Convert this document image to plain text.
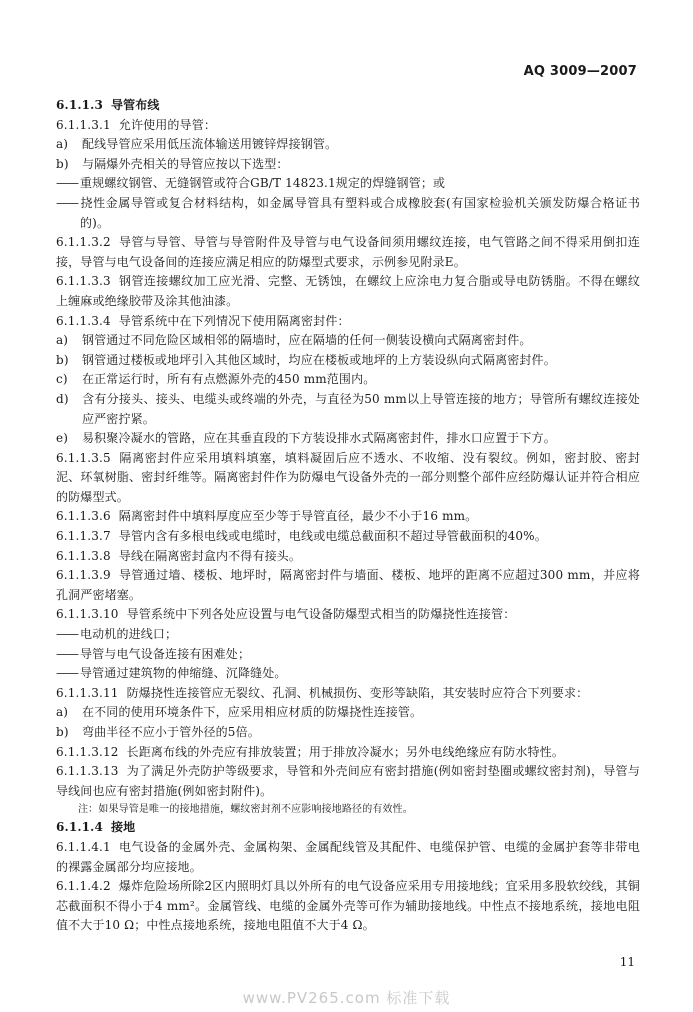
AQ 3009—2007

6.1.1.3 导管布线

6.1.1.3.1 允许使用的导管：

a) 配线导管应采用低压流体输送用镀锌焊接钢管。

b) 与隔爆外壳相关的导管应按以下选型：

—— 重规螺纹钢管、无缝钢管或符合GB/T 14823.1规定的焊缝钢管；或

—— 挠性金属导管或复合材料结构，如金属导管具有塑料或合成橡胶套(有国家检验机关颁发防爆合格证书的)。

6.1.1.3.2 导管与导管、导管与导管附件及导管与电气设备间须用螺纹连接，电气管路之间不得采用倒扣连接，导管与电气设备间的连接应满足相应的防爆型式要求，示例参见附录E。

6.1.1.3.3 钢管连接螺纹加工应光滑、完整、无锈蚀，在螺纹上应涂电力复合脂或导电防锈脂。不得在螺纹上缠麻或绝缘胶带及涂其他油漆。

6.1.1.3.4 导管系统中在下列情况下使用隔离密封件：

a) 钢管通过不同危险区域相邻的隔墙时，应在隔墙的任何一侧装设横向式隔离密封件。

b) 钢管通过楼板或地坪引入其他区域时，均应在楼板或地坪的上方装设纵向式隔离密封件。

c) 在正常运行时，所有有点燃源外壳的450 mm范围内。

d) 含有分接头、接头、电缆头或终端的外壳，与直径为50 mm以上导管连接的地方；导管所有螺纹连接处应严密拧紧。

e) 易积聚冷凝水的管路，应在其垂直段的下方装设排水式隔离密封件，排水口应置于下方。

6.1.1.3.5 隔离密封件应采用填料填塞，填料凝固后应不透水、不收缩、没有裂纹。例如，密封胶、密封泥、环氧树脂、密封纤维等。隔离密封件作为防爆电气设备外壳的一部分则整个部件应经防爆认证并符合相应的防爆型式。

6.1.1.3.6 隔离密封件中填料厚度应至少等于导管直径，最少不小于16 mm。

6.1.1.3.7 导管内含有多根电线或电缆时，电线或电缆总截面积不超过导管截面积的40%。

6.1.1.3.8 导线在隔离密封盒内不得有接头。

6.1.1.3.9 导管通过墙、楼板、地坪时，隔离密封件与墙面、楼板、地坪的距离不应超过300 mm，并应将孔洞严密堵塞。

6.1.1.3.10 导管系统中下列各处应设置与电气设备防爆型式相当的防爆挠性连接管：

—— 电动机的进线口；

—— 导管与电气设备连接有困难处；

—— 导管通过建筑物的伸缩缝、沉降缝处。

6.1.1.3.11 防爆挠性连接管应无裂纹、孔洞、机械损伤、变形等缺陷，其安装时应符合下列要求：

a) 在不同的使用环境条件下，应采用相应材质的防爆挠性连接管。

b) 弯曲半径不应小于管外径的5倍。

6.1.1.3.12 长距离布线的外壳应有排放装置；用于排放冷凝水；另外电线绝缘应有防水特性。

6.1.1.3.13 为了满足外壳防护等级要求，导管和外壳间应有密封措施(例如密封垫圈或螺纹密封剂)，导管与导线间也应有密封措施(例如密封附件)。

注：如果导管是唯一的接地措施，螺纹密封剂不应影响接地路径的有效性。

6.1.1.4 接地

6.1.1.4.1 电气设备的金属外壳、金属构架、金属配线管及其配件、电缆保护管、电缆的金属护套等非带电的裸露金属部分均应接地。

6.1.1.4.2 爆炸危险场所除2区内照明灯具以外所有的电气设备应采用专用接地线；宜采用多股软绞线，其铜芯截面积不得小于4 mm²。金属管线、电缆的金属外壳等可作为辅助接地线。中性点不接地系统，接地电阻值不大于10 Ω；中性点接地系统，接地电阻值不大于4 Ω。

11
www.PV265.com 标准下载
